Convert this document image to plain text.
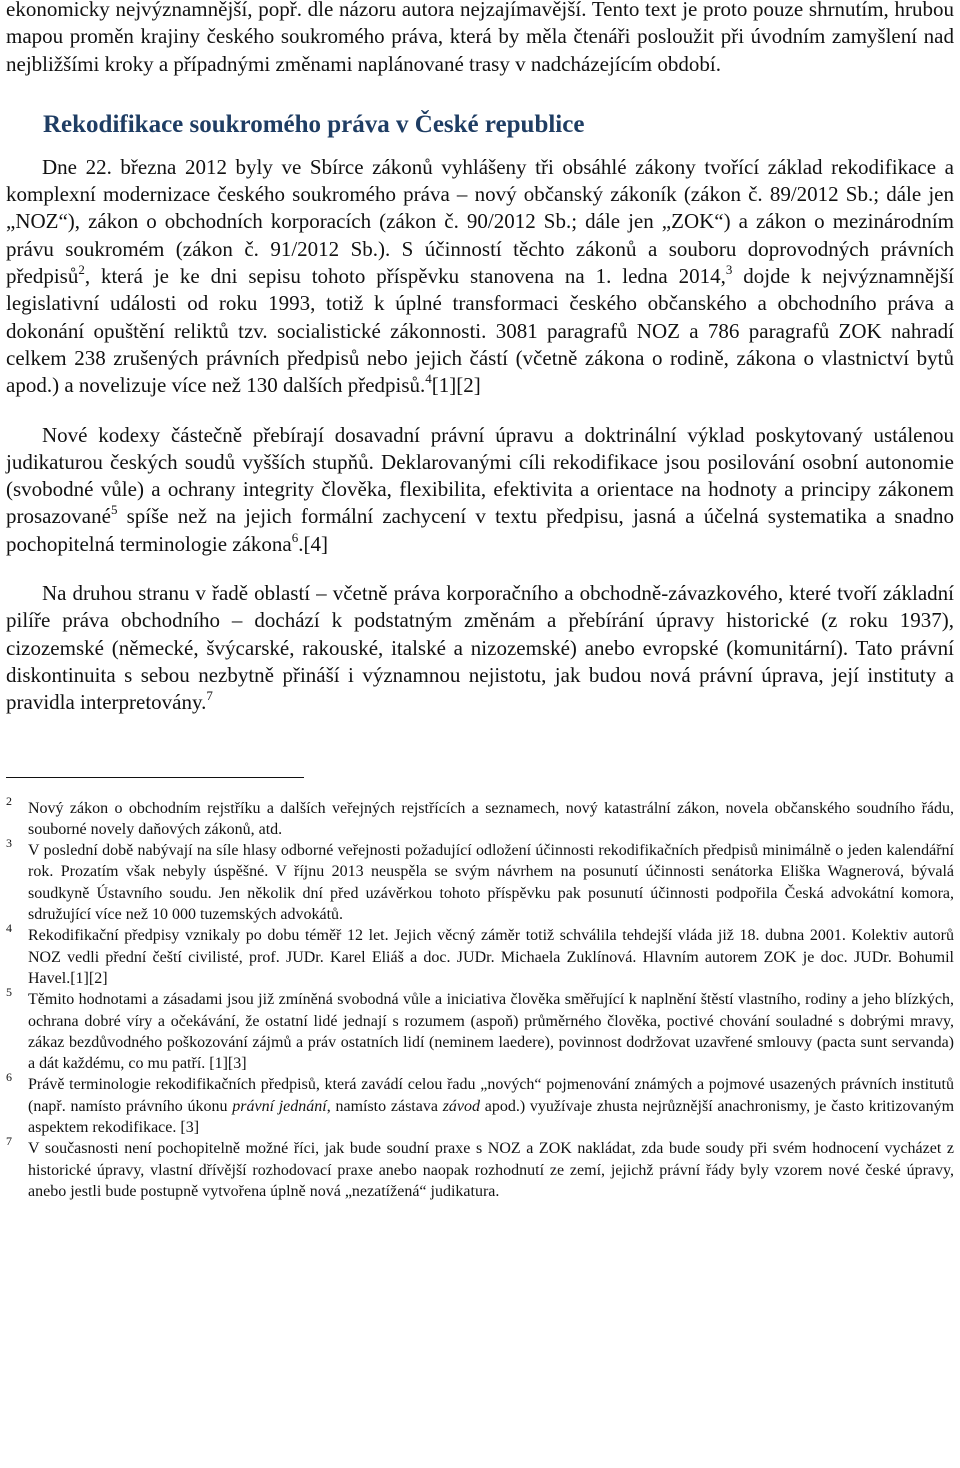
ekonomicky nejvýznamnější, popř. dle názoru autora nejzajímavější. Tento text je proto pouze shrnutím, hrubou mapou proměn krajiny českého soukromého práva, která by měla čtenáři posloužit při úvodním zamyšlení nad nejbližšími kroky a případnými změnami naplánované trasy v nadcházejícím období.

Rekodifikace soukromého práva v České republice

Dne 22. března 2012 byly ve Sbírce zákonů vyhlášeny tři obsáhlé zákony tvořící základ rekodifikace a komplexní modernizace českého soukromého práva – nový občanský zákoník (zákon č. 89/2012 Sb.; dále jen „NOZ“), zákon o obchodních korporacích (zákon č. 90/2012 Sb.; dále jen „ZOK“) a zákon o mezinárodním právu soukromém (zákon č. 91/2012 Sb.). S účinností těchto zákonů a souboru doprovodných právních předpisů$^2$, která je ke dni sepisu tohoto příspěvku stanovena na 1. ledna 2014,$^3$ dojde k nejvýznamnější legislativní události od roku 1993, totiž k úplné transformaci českého občanského a obchodního práva a dokonání opuštění reliktů tzv. socialistické zákonnosti. 3081 paragrafů NOZ a 786 paragrafů ZOK nahradí celkem 238 zrušených právních předpisů nebo jejich částí (včetně zákona o rodině, zákona o vlastnictví bytů apod.) a novelizuje více než 130 dalších předpisů.$^4$[1][2]

Nové kodexy částečně přebírají dosavadní právní úpravu a doktrinální výklad poskytovaný ustálenou judikaturou českých soudů vyšších stupňů. Deklarovanými cíli rekodifikace jsou posilování osobní autonomie (svobodné vůle) a ochrany integrity člověka, flexibilita, efektivita a orientace na hodnoty a principy zákonem prosazované$^5$ spíše než na jejich formální zachycení v textu předpisu, jasná a účelná systematika a snadno pochopitelná terminologie zákona$^6$.[4]

Na druhou stranu v řadě oblastí – včetně práva korporačního a obchodně-závazkového, které tvoří základní pilíře práva obchodního – dochází k podstatným změnám a přebírání úpravy historické (z roku 1937), cizozemské (německé, švýcarské, rakouské, italské a nizozemské) anebo evropské (komunitární). Tato právní diskontinuita s sebou nezbytně přináší i významnou nejistotu, jak budou nová právní úprava, její instituty a pravidla interpretovány.$^7$

2 Nový zákon o obchodním rejstříku a dalších veřejných rejstřících a seznamech, nový katastrální zákon, novela občanského soudního řádu, souborné novely daňových zákonů, atd.
3 V poslední době nabývají na síle hlasy odborné veřejnosti požadující odložení účinnosti rekodifikačních předpisů minimálně o jeden kalendářní rok. Prozatím však nebyly úspěšné. V říjnu 2013 neuspěla se svým návrhem na posunutí účinnosti senátorka Eliška Wagnerová, bývalá soudkyně Ústavního soudu. Jen několik dní před uzávěrkou tohoto příspěvku pak posunutí účinnosti podpořila Česká advokátní komora, sdružující více než 10 000 tuzemských advokátů.
4 Rekodifikační předpisy vznikaly po dobu téměř 12 let. Jejich věcný záměr totiž schválila tehdejší vláda již 18. dubna 2001. Kolektiv autorů NOZ vedli přední čeští civilisté, prof. JUDr. Karel Eliáš a doc. JUDr. Michaela Zuklínová. Hlavním autorem ZOK je doc. JUDr. Bohumil Havel.[1][2]
5 Těmito hodnotami a zásadami jsou již zmíněná svobodná vůle a iniciativa člověka směřující k naplnění štěstí vlastního, rodiny a jeho blízkých, ochrana dobré víry a očekávání, že ostatní lidé jednají s rozumem (aspoň) průměrného člověka, poctivé chování souladné s dobrými mravy, zákaz bezdůvodného poškozování zájmů a práv ostatních lidí (neminem laedere), povinnost dodržovat uzavřené smlouvy (pacta sunt servanda) a dát každému, co mu patří. [1][3]
6 Právě terminologie rekodifikačních předpisů, která zavádí celou řadu „nových“ pojmenování známých a pojmové usazených právních institutů (např. namísto právního úkonu právní jednání, namísto zástava závod apod.) využívaje zhusta nejrůznější anachronismy, je často kritizovaným aspektem rekodifikace. [3]
7 V současnosti není pochopitelně možné říci, jak bude soudní praxe s NOZ a ZOK nakládat, zda bude soudy při svém hodnocení vycházet z historické úpravy, vlastní dřívější rozhodovací praxe anebo naopak rozhodnutí ze zemí, jejichž právní řády byly vzorem nové české úpravy, anebo jestli bude postupně vytvořena úplně nová „nezatížená“ judikatura.
